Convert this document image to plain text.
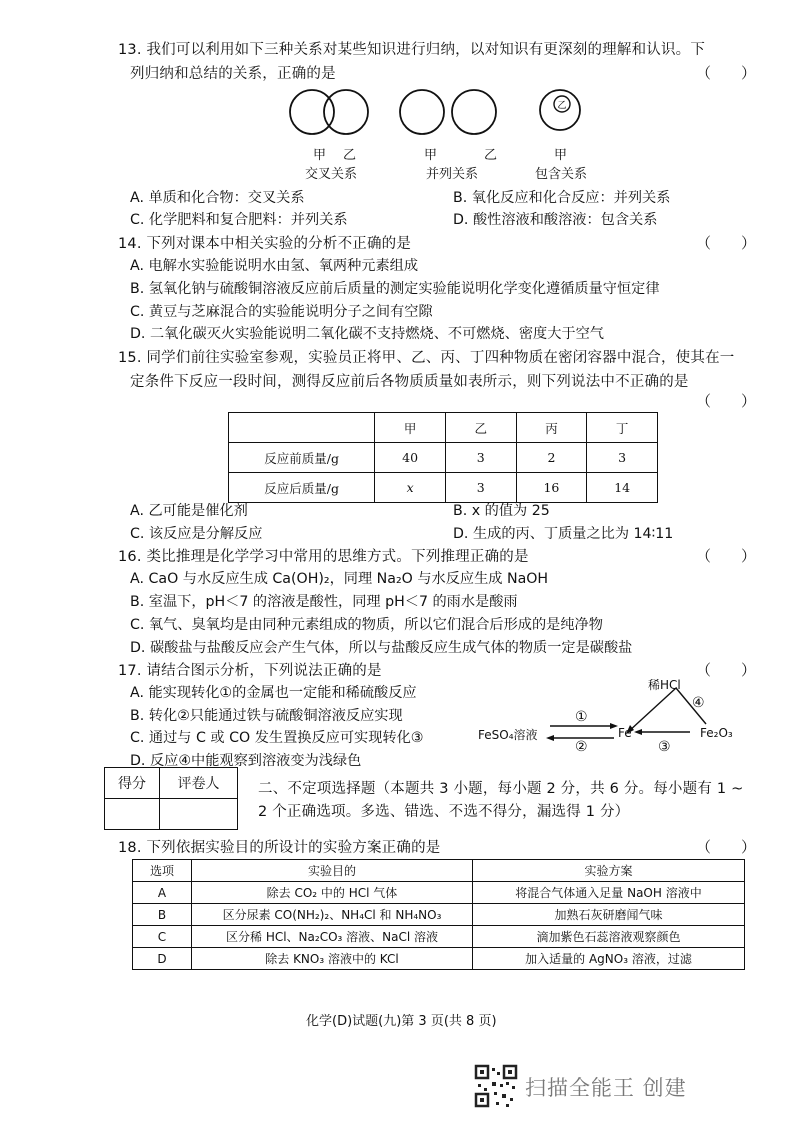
13. 我们可以利用如下三种关系对某些知识进行归纳，以对知识有更深刻的理解和认识。下
列归纳和总结的关系，正确的是	（　　）
乙
甲 乙
交叉关系
甲	乙
并列关系
甲
包含关系
A. 单质和化合物：交叉关系	B. 氧化反应和化合反应：并列关系
C. 化学肥料和复合肥料：并列关系	D. 酸性溶液和酸溶液：包含关系
14. 下列对课本中相关实验的分析不正确的是	（　　）
A. 电解水实验能说明水由氢、氧两种元素组成
B. 氢氧化钠与硫酸铜溶液反应前后质量的测定实验能说明化学变化遵循质量守恒定律
C. 黄豆与芝麻混合的实验能说明分子之间有空隙
D. 二氧化碳灭火实验能说明二氧化碳不支持燃烧、不可燃烧、密度大于空气
15. 同学们前往实验室参观，实验员正将甲、乙、丙、丁四种物质在密闭容器中混合，使其在一
定条件下反应一段时间，测得反应前后各物质质量如表所示，则下列说法中不正确的是
（　　）
	甲	乙	丙	丁
反应前质量/g	40	3	2	3
反应后质量/g	x	3	16	14
A. 乙可能是催化剂	B. x 的值为 25
C. 该反应是分解反应	D. 生成的丙、丁质量之比为 14∶11
16. 类比推理是化学学习中常用的思维方式。下列推理正确的是	（　　）
A. CaO 与水反应生成 Ca(OH)₂，同理 Na₂O 与水反应生成 NaOH
B. 室温下，pH＜7 的溶液是酸性，同理 pH＜7 的雨水是酸雨
C. 氧气、臭氧均是由同种元素组成的物质，所以它们混合后形成的是纯净物
D. 碳酸盐与盐酸反应会产生气体，所以与盐酸反应生成气体的物质一定是碳酸盐
17. 请结合图示分析，下列说法正确的是	（　　）
A. 能实现转化①的金属也一定能和稀硫酸反应
B. 转化②只能通过铁与硫酸铜溶液反应实现
C. 通过与 C 或 CO 发生置换反应可实现转化③
D. 反应④中能观察到溶液变为浅绿色
稀HCl
FeSO₄溶液	Fe	Fe₂O₃
①
②	③
④
得分	评卷人
		二、不定项选择题（本题共 3 小题，每小题 2 分，共 6 分。每小题有 1 ~
2 个正确选项。多选、错选、不选不得分，漏选得 1 分）
18. 下列依据实验目的所设计的实验方案正确的是	（　　）
选项	实验目的	实验方案
A	除去 CO₂ 中的 HCl 气体	将混合气体通入足量 NaOH 溶液中
B	区分尿素 CO(NH₂)₂、NH₄Cl 和 NH₄NO₃	加熟石灰研磨闻气味
C	区分稀 HCl、Na₂CO₃ 溶液、NaCl 溶液	滴加紫色石蕊溶液观察颜色
D	除去 KNO₃ 溶液中的 KCl	加入适量的 AgNO₃ 溶液，过滤
化学(D)试题(九)第 3 页(共 8 页)
扫描全能王 创建
